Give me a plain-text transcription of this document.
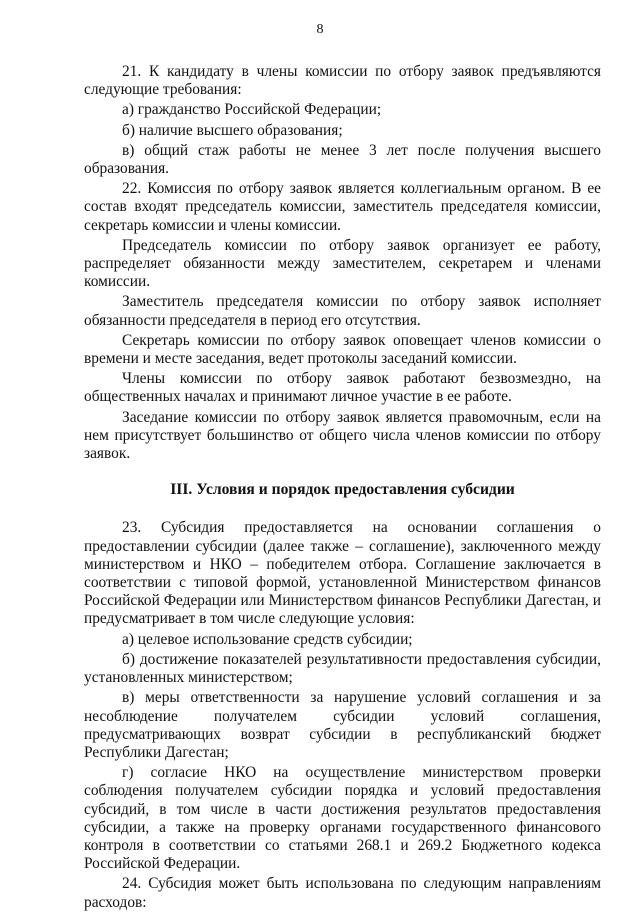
8

21. К кандидату в члены комиссии по отбору заявок предъявляются следующие требования:

а) гражданство Российской Федерации;

б) наличие высшего образования;

в) общий стаж работы не менее 3 лет после получения высшего образования.

22. Комиссия по отбору заявок является коллегиальным органом. В ее состав входят председатель комиссии, заместитель председателя комиссии, секретарь комиссии и члены комиссии.

Председатель комиссии по отбору заявок организует ее работу, распределяет обязанности между заместителем, секретарем и членами комиссии.

Заместитель председателя комиссии по отбору заявок исполняет обязанности председателя в период его отсутствия.

Секретарь комиссии по отбору заявок оповещает членов комиссии о времени и месте заседания, ведет протоколы заседаний комиссии.

Члены комиссии по отбору заявок работают безвозмездно, на общественных началах и принимают личное участие в ее работе.

Заседание комиссии по отбору заявок является правомочным, если на нем присутствует большинство от общего числа членов комиссии по отбору заявок.

III. Условия и порядок предоставления субсидии

23. Субсидия предоставляется на основании соглашения о предоставлении субсидии (далее также – соглашение), заключенного между министерством и НКО – победителем отбора. Соглашение заключается в соответствии с типовой формой, установленной Министерством финансов Российской Федерации или Министерством финансов Республики Дагестан, и предусматривает в том числе следующие условия:

а) целевое использование средств субсидии;

б) достижение показателей результативности предоставления субсидии, установленных министерством;

в) меры ответственности за нарушение условий соглашения и за несоблюдение получателем субсидии условий соглашения, предусматривающих возврат субсидии в республиканский бюджет Республики Дагестан;

г) согласие НКО на осуществление министерством проверки соблюдения получателем субсидии порядка и условий предоставления субсидий, в том числе в части достижения результатов предоставления субсидии, а также на проверку органами государственного финансового контроля в соответствии со статьями 268.1 и 269.2 Бюджетного кодекса Российской Федерации.

24. Субсидия может быть использована по следующим направлениям расходов:
